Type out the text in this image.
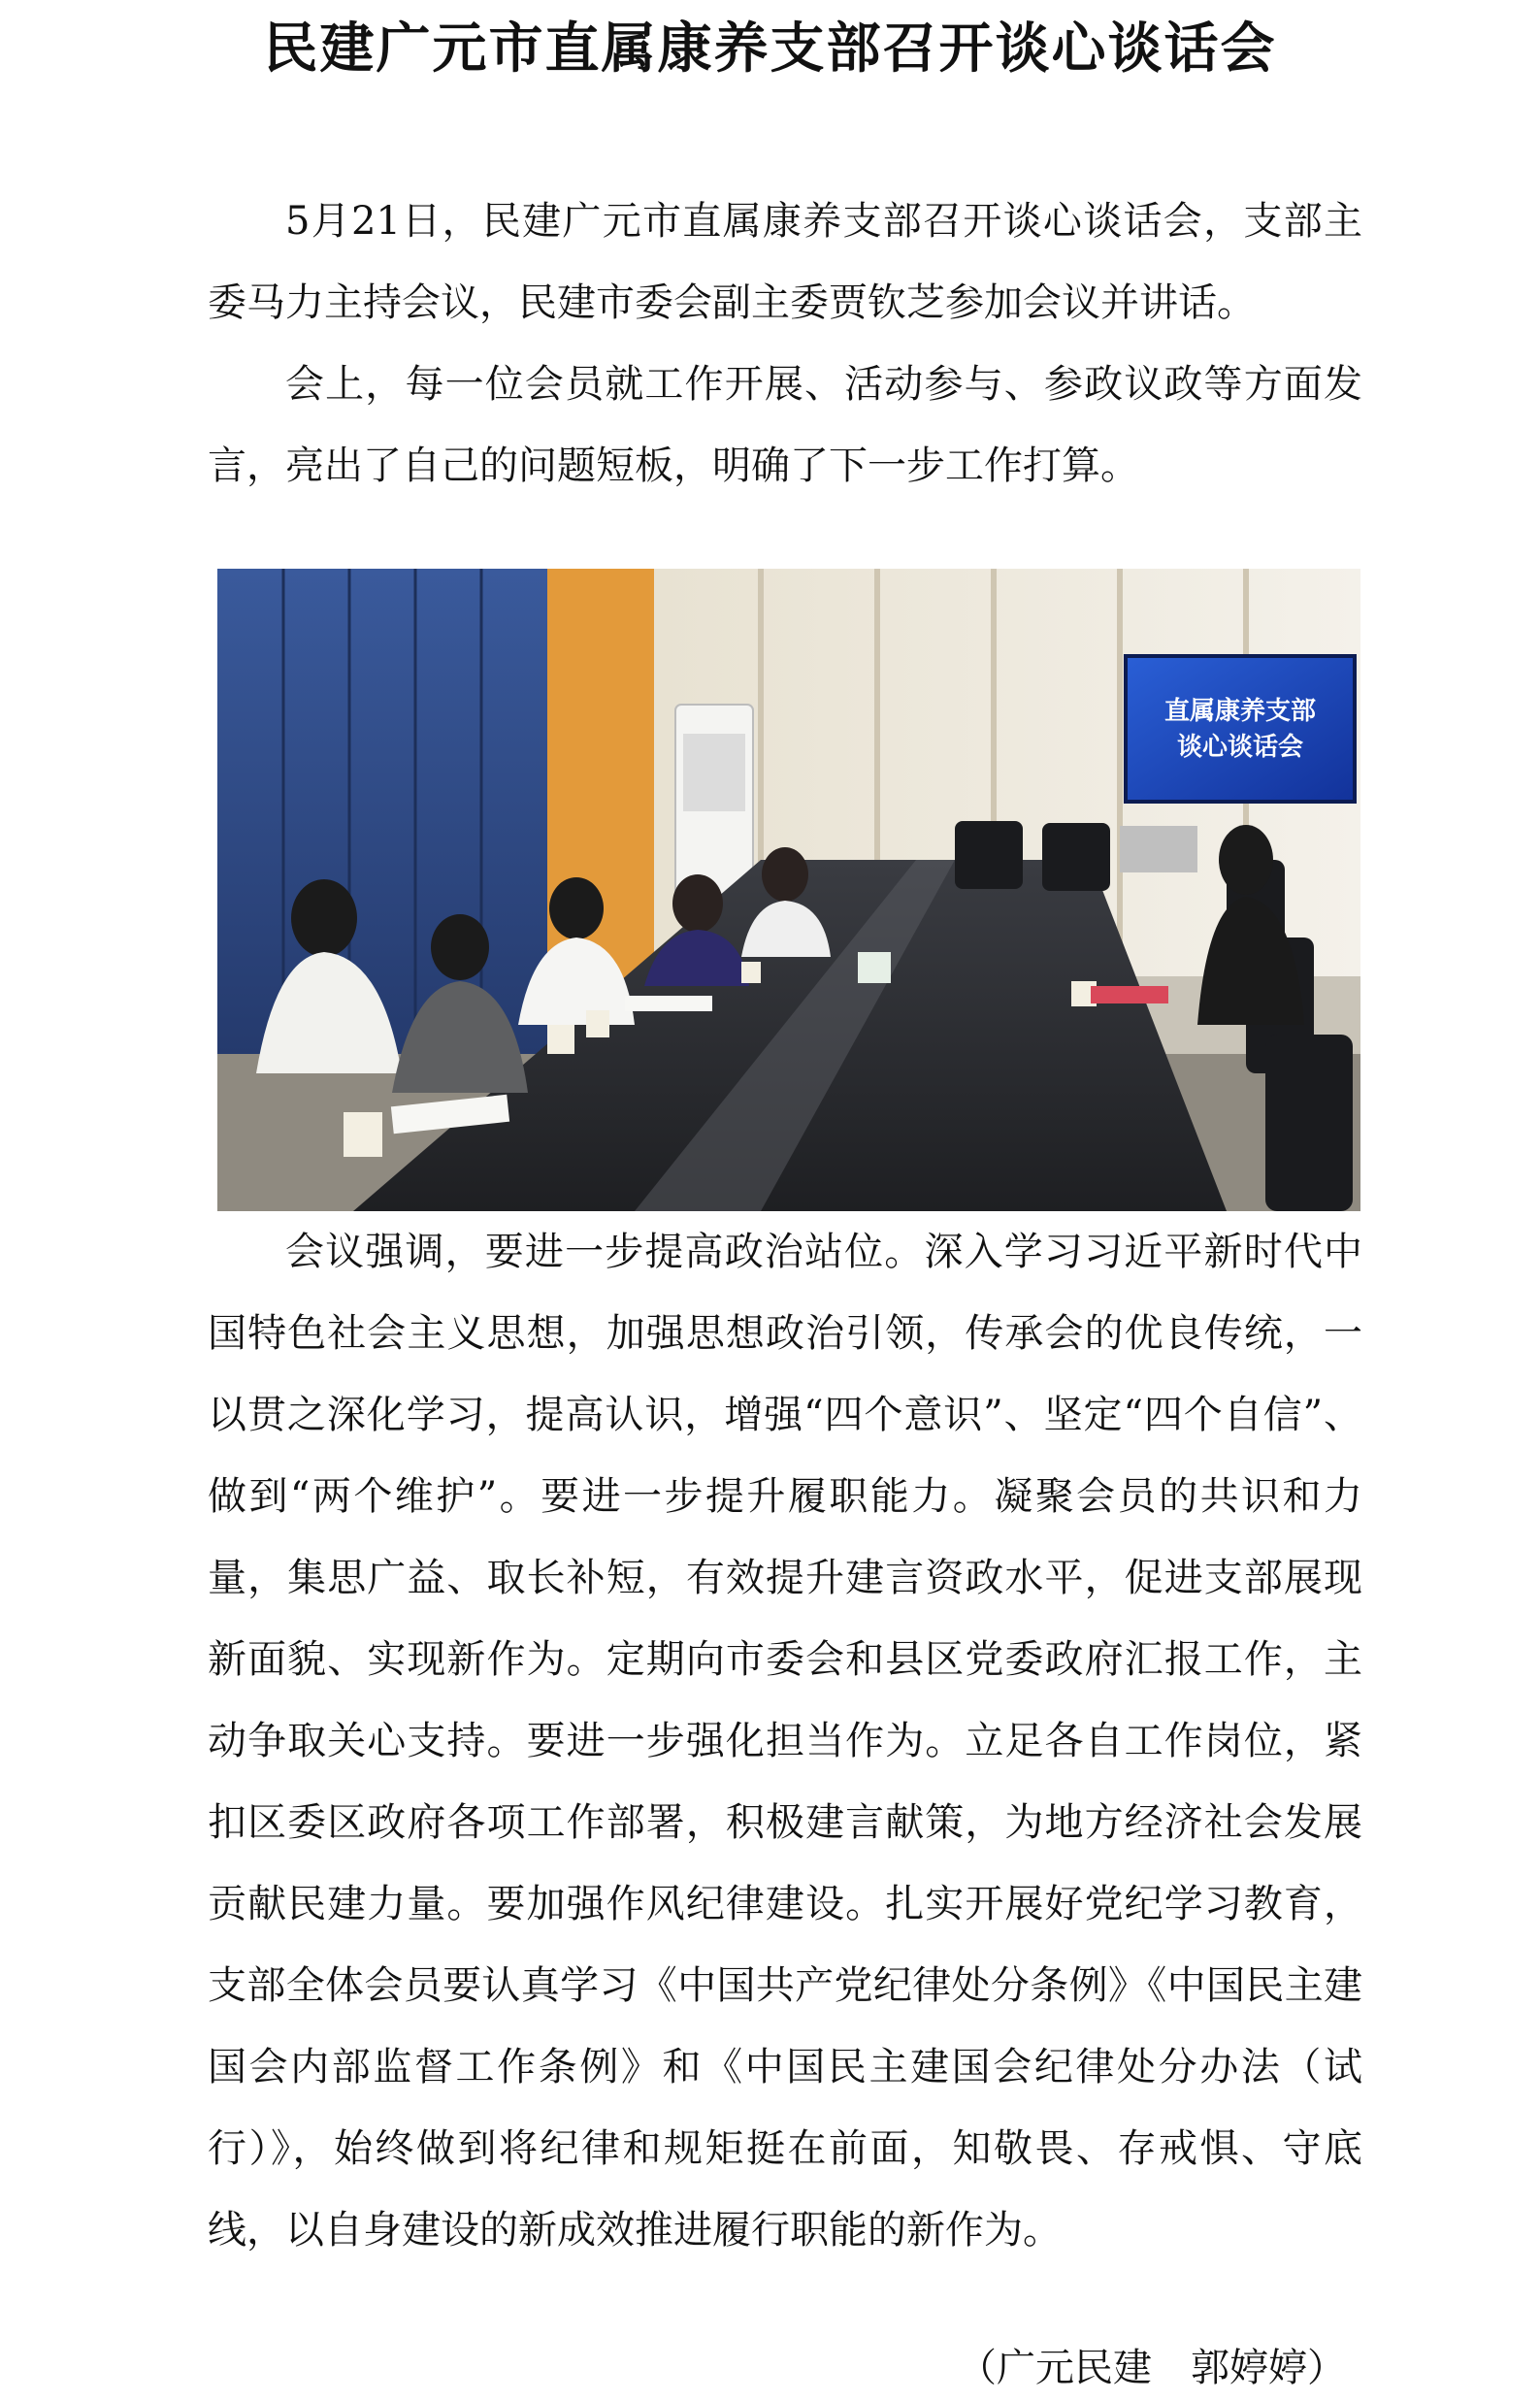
民建广元市直属康养支部召开谈心谈话会

5月21日，民建广元市直属康养支部召开谈心谈话会，支部主委马力主持会议，民建市委会副主委贾钦芝参加会议并讲话。

会上，每一位会员就工作开展、活动参与、参政议政等方面发言，亮出了自己的问题短板，明确了下一步工作打算。

直属康养支部
谈心谈话会

会议强调，要进一步提高政治站位。深入学习习近平新时代中国特色社会主义思想，加强思想政治引领，传承会的优良传统，一以贯之深化学习，提高认识，增强“四个意识”、坚定“四个自信”、做到“两个维护”。要进一步提升履职能力。凝聚会员的共识和力量，集思广益、取长补短，有效提升建言资政水平，促进支部展现新面貌、实现新作为。定期向市委会和县区党委政府汇报工作，主动争取关心支持。要进一步强化担当作为。立足各自工作岗位，紧扣区委区政府各项工作部署，积极建言献策，为地方经济社会发展贡献民建力量。要加强作风纪律建设。扎实开展好党纪学习教育，支部全体会员要认真学习《中国共产党纪律处分条例》《中国民主建国会内部监督工作条例》和《中国民主建国会纪律处分办法（试行）》，始终做到将纪律和规矩挺在前面，知敬畏、存戒惧、守底线，以自身建设的新成效推进履行职能的新作为。

（广元民建　郭婷婷）
